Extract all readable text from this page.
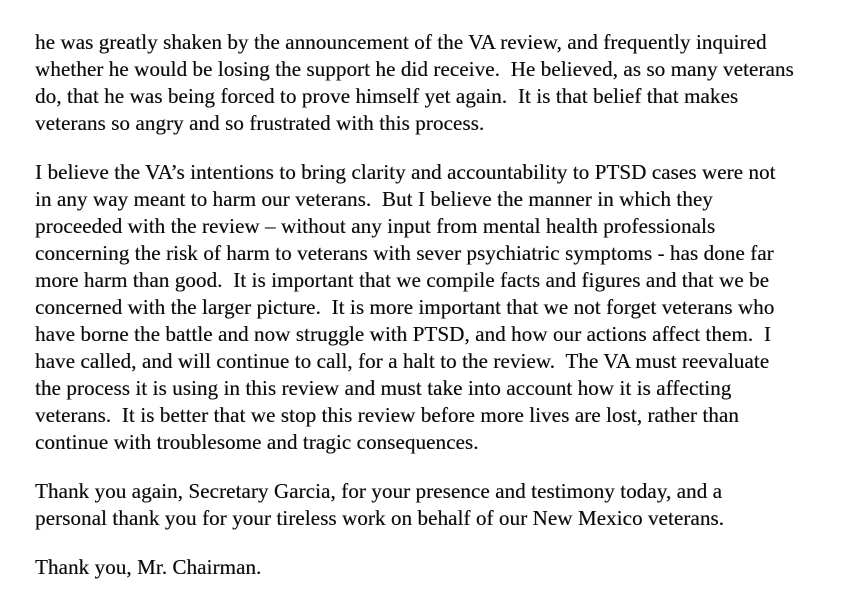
he was greatly shaken by the announcement of the VA review, and frequently inquired
whether he would be losing the support he did receive.  He believed, as so many veterans
do, that he was being forced to prove himself yet again.  It is that belief that makes
veterans so angry and so frustrated with this process.
I believe the VA’s intentions to bring clarity and accountability to PTSD cases were not
in any way meant to harm our veterans.  But I believe the manner in which they
proceeded with the review – without any input from mental health professionals
concerning the risk of harm to veterans with sever psychiatric symptoms - has done far
more harm than good.  It is important that we compile facts and figures and that we be
concerned with the larger picture.  It is more important that we not forget veterans who
have borne the battle and now struggle with PTSD, and how our actions affect them.  I
have called, and will continue to call, for a halt to the review.  The VA must reevaluate
the process it is using in this review and must take into account how it is affecting
veterans.  It is better that we stop this review before more lives are lost, rather than
continue with troublesome and tragic consequences.
Thank you again, Secretary Garcia, for your presence and testimony today, and a
personal thank you for your tireless work on behalf of our New Mexico veterans.
Thank you, Mr. Chairman.
